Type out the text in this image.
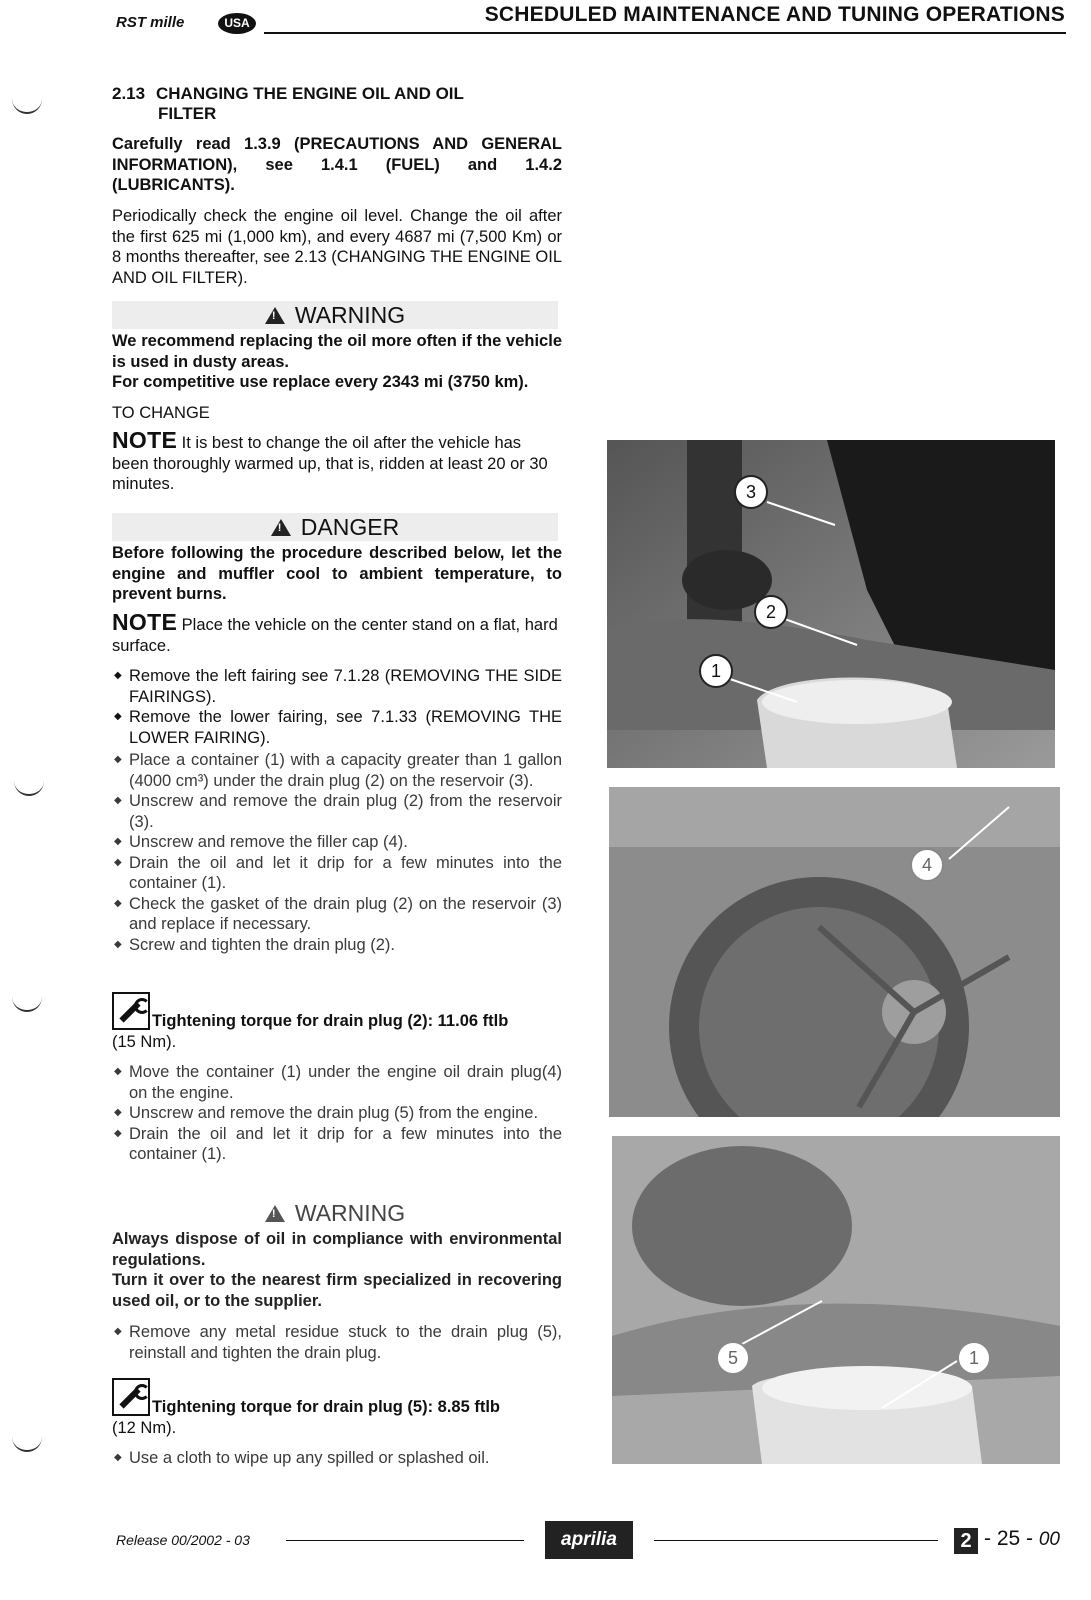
RST mille	USA	SCHEDULED MAINTENANCE AND TUNING OPERATIONS
2.13 CHANGING THE ENGINE OIL AND OIL
FILTER
Carefully read 1.3.9 (PRECAUTIONS AND GENERAL INFORMATION), see 1.4.1 (FUEL) and 1.4.2 (LUBRICANTS).
Periodically check the engine oil level. Change the oil after the first 625 mi (1,000 km), and every 4687 mi (7,500 Km) or 8 months thereafter, see 2.13 (CHANGING THE ENGINE OIL AND OIL FILTER).
!WARNING
We recommend replacing the oil more often if the vehicle is used in dusty areas.
For competitive use replace every 2343 mi (3750 km).
TO CHANGE
NOTE It is best to change the oil after the vehicle has been thoroughly warmed up, that is, ridden at least 20 or 30 minutes.
!DANGER
Before following the procedure described below, let the engine and muffler cool to ambient temperature, to prevent burns.
NOTE Place the vehicle on the center stand on a flat, hard surface.
◆ Remove the left fairing see 7.1.28 (REMOVING THE SIDE FAIRINGS).
◆ Remove the lower fairing, see 7.1.33 (REMOVING THE LOWER FAIRING).
◆ Place a container (1) with a capacity greater than 1 gallon (4000 cm³) under the drain plug (2) on the reservoir (3).
◆ Unscrew and remove the drain plug (2) from the reservoir (3).
◆ Unscrew and remove the filler cap (4).
◆ Drain the oil and let it drip for a few minutes into the container (1).
◆ Check the gasket of the drain plug (2) on the reservoir (3) and replace if necessary.
◆ Screw and tighten the drain plug (2).
Tightening torque for drain plug (2): 11.06 ftlb
(15 Nm).
◆ Move the container (1) under the engine oil drain plug(4) on the engine.
◆ Unscrew and remove the drain plug (5) from the engine.
◆ Drain the oil and let it drip for a few minutes into the container (1).
!WARNING
Always dispose of oil in compliance with environmental regulations.
Turn it over to the nearest firm specialized in recovering used oil, or to the supplier.
◆ Remove any metal residue stuck to the drain plug (5), reinstall and tighten the drain plug.
Tightening torque for drain plug (5): 8.85 ftlb
(12 Nm).
◆ Use a cloth to wipe up any spilled or splashed oil.
3
2
1
4
5	1
Release 00/2002 - 03	aprilia	2 - 25 - 00
